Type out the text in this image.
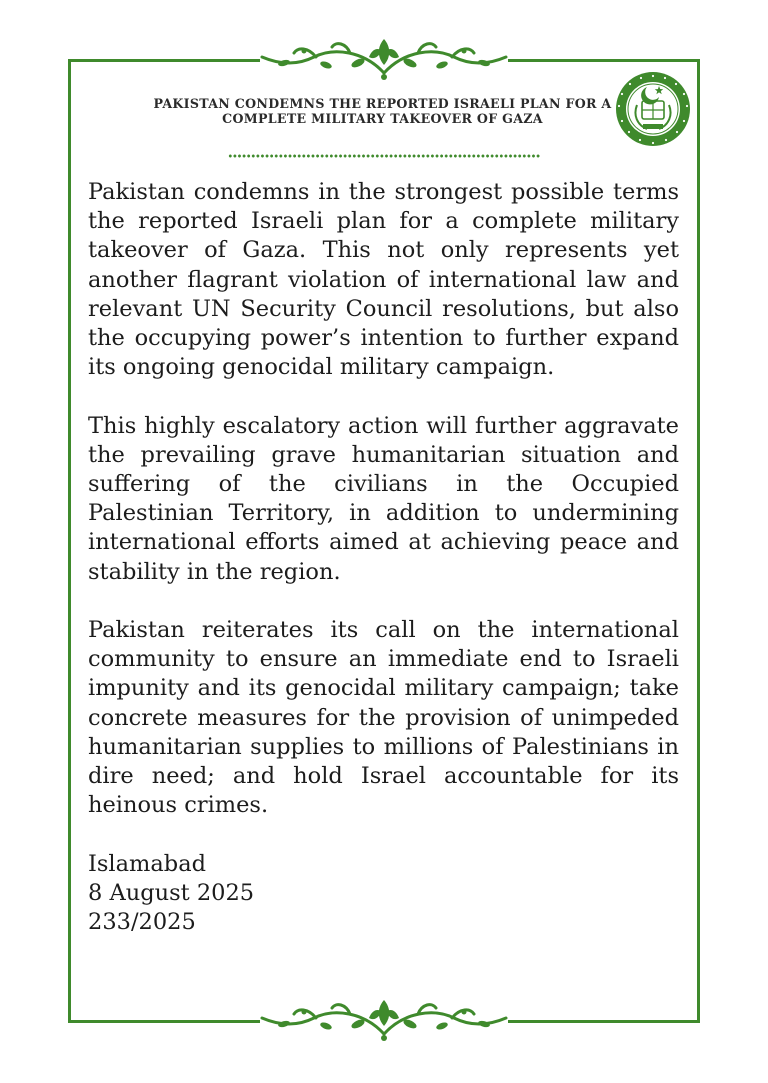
PAKISTAN CONDEMNS THE REPORTED ISRAELI PLAN FOR A COMPLETE MILITARY TAKEOVER OF GAZA

Pakistan condemns in the strongest possible terms the reported Israeli plan for a complete military takeover of Gaza. This not only represents yet another flagrant violation of international law and relevant UN Security Council resolutions, but also the occupying power’s intention to further expand its ongoing genocidal military campaign.

This highly escalatory action will further aggravate the prevailing grave humanitarian situation and suffering of the civilians in the Occupied Palestinian Territory, in addition to undermining international efforts aimed at achieving peace and stability in the region.

Pakistan reiterates its call on the international community to ensure an immediate end to Israeli impunity and its genocidal military campaign; take concrete measures for the provision of unimpeded humanitarian supplies to millions of Palestinians in dire need; and hold Israel accountable for its heinous crimes.

Islamabad
8 August 2025
233/2025
